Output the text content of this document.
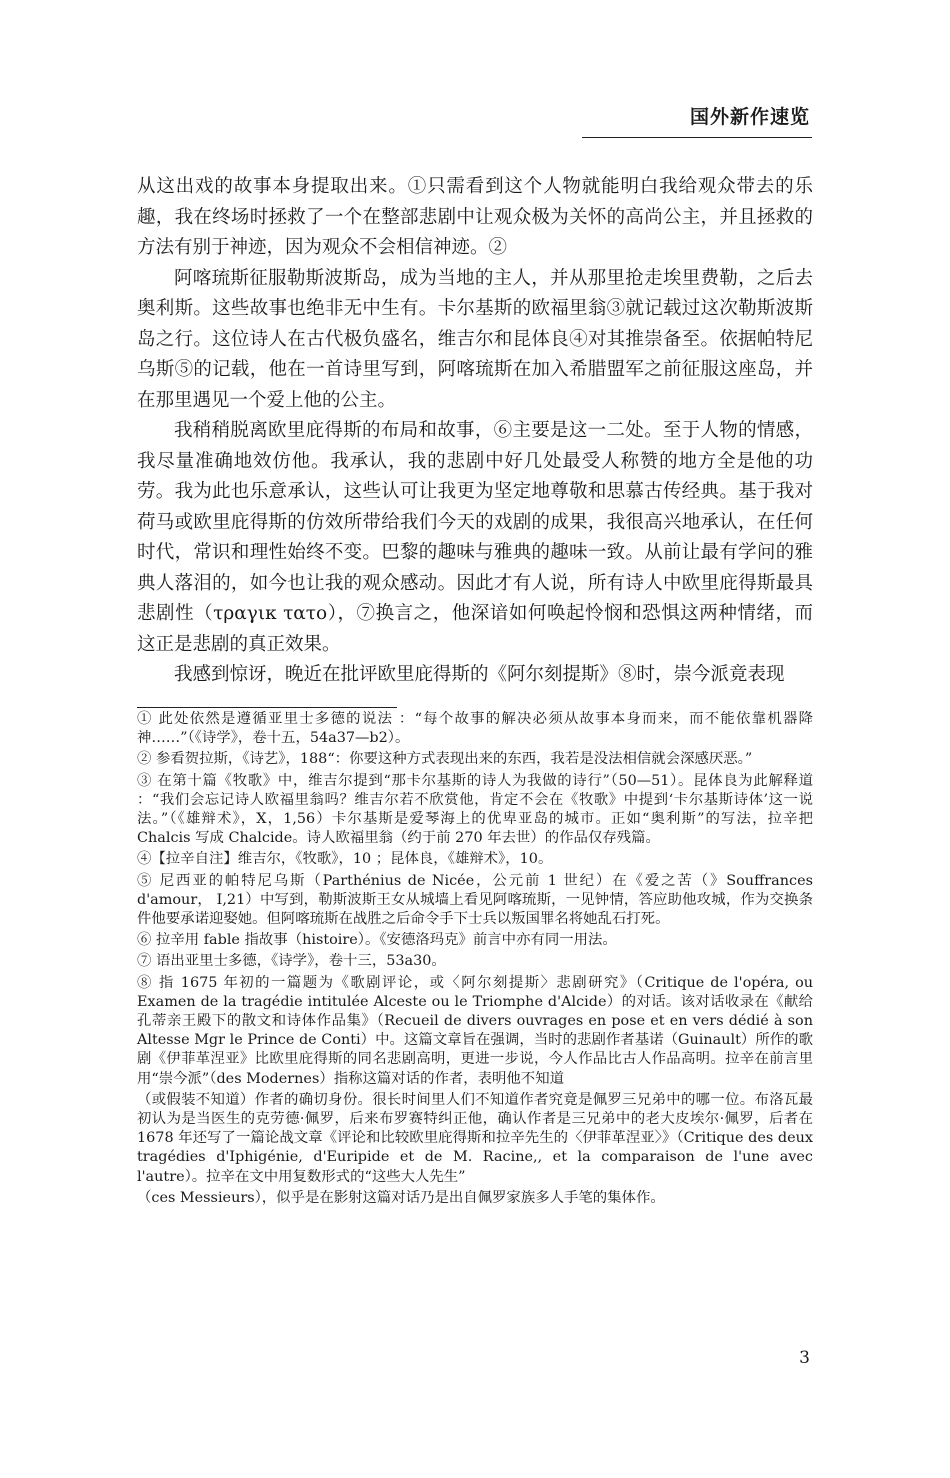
国外新作速览

从这出戏的故事本身提取出来。①只需看到这个人物就能明白我给观众带去的乐趣，我在终场时拯救了一个在整部悲剧中让观众极为关怀的高尚公主，并且拯救的方法有别于神迹，因为观众不会相信神迹。②

阿喀琉斯征服勒斯波斯岛，成为当地的主人，并从那里抢走埃里费勒，之后去奥利斯。这些故事也绝非无中生有。卡尔基斯的欧福里翁③就记载过这次勒斯波斯岛之行。这位诗人在古代极负盛名，维吉尔和昆体良④对其推崇备至。依据帕特尼乌斯⑤的记载，他在一首诗里写到，阿喀琉斯在加入希腊盟军之前征服这座岛，并在那里遇见一个爱上他的公主。

我稍稍脱离欧里庇得斯的布局和故事，⑥主要是这一二处。至于人物的情感，我尽量准确地效仿他。我承认，我的悲剧中好几处最受人称赞的地方全是他的功劳。我为此也乐意承认，这些认可让我更为坚定地尊敬和思慕古传经典。基于我对荷马或欧里庇得斯的仿效所带给我们今天的戏剧的成果，我很高兴地承认，在任何时代，常识和理性始终不变。巴黎的趣味与雅典的趣味一致。从前让最有学问的雅典人落泪的，如今也让我的观众感动。因此才有人说，所有诗人中欧里庇得斯最具悲剧性（τραγικ τατο），⑦换言之，他深谙如何唤起怜悯和恐惧这两种情绪，而这正是悲剧的真正效果。

我感到惊讶，晚近在批评欧里庇得斯的《阿尔刻提斯》⑧时，崇今派竟表现

① 此处依然是遵循亚里士多德的说法 ：“每个故事的解决必须从故事本身而来，而不能依靠机器降神……”（《诗学》，卷十五，54a37—b2）。

② 参看贺拉斯，《诗艺》，188“：你要这种方式表现出来的东西，我若是没法相信就会深感厌恶。”

③ 在第十篇《牧歌》中，维吉尔提到“那卡尔基斯的诗人为我做的诗行”（50—51）。昆体良为此解释道 ：“我们会忘记诗人欧福里翁吗？维吉尔若不欣赏他，肯定不会在《牧歌》中提到‘卡尔基斯诗体’这一说法。”（《雄辩术》，X，1,56）卡尔基斯是爱琴海上的优卑亚岛的城市。正如“奥利斯”的写法，拉辛把 Chalcis 写成 Chalcide。诗人欧福里翁（约于前 270 年去世）的作品仅存残篇。

④【拉辛自注】维吉尔，《牧歌》，10 ；昆体良，《雄辩术》，10。

⑤ 尼西亚的帕特尼乌斯（Parthénius de Nicée，公元前 1 世纪）在《爱之苦（》Souffrances d'amour， I,21）中写到，勒斯波斯王女从城墙上看见阿喀琉斯，一见钟情，答应助他攻城，作为交换条件他要承诺迎娶她。但阿喀琉斯在战胜之后命令手下士兵以叛国罪名将她乱石打死。

⑥ 拉辛用 fable 指故事（histoire）。《安德洛玛克》前言中亦有同一用法。

⑦ 语出亚里士多德，《诗学》，卷十三，53a30。

⑧ 指 1675 年初的一篇题为《歌剧评论，或〈阿尔刻提斯〉悲剧研究》（Critique de l'opéra, ou Examen de la tragédie intitulée Alceste ou le Triomphe d'Alcide）的对话。该对话收录在《献给孔蒂亲王殿下的散文和诗体作品集》（Recueil de divers ouvrages en pose et en vers dédié à son Altesse Mgr le Prince de Conti）中。这篇文章旨在强调，当时的悲剧作者基诺（Guinault）所作的歌剧《伊菲革涅亚》比欧里庇得斯的同名悲剧高明，更进一步说，今人作品比古人作品高明。拉辛在前言里用“崇今派”（des Modernes）指称这篇对话的作者，表明他不知道

（或假装不知道）作者的确切身份。很长时间里人们不知道作者究竟是佩罗三兄弟中的哪一位。布洛瓦最初认为是当医生的克劳德·佩罗，后来布罗赛特纠正他，确认作者是三兄弟中的老大皮埃尔·佩罗，后者在 1678 年还写了一篇论战文章《评论和比较欧里庇得斯和拉辛先生的〈伊菲革涅亚〉》（Critique des deux tragédies d'Iphigénie, d'Euripide et de M. Racine,, et la comparaison de l'une avec l'autre）。拉辛在文中用复数形式的“这些大人先生”

（ces Messieurs），似乎是在影射这篇对话乃是出自佩罗家族多人手笔的集体作。

3
